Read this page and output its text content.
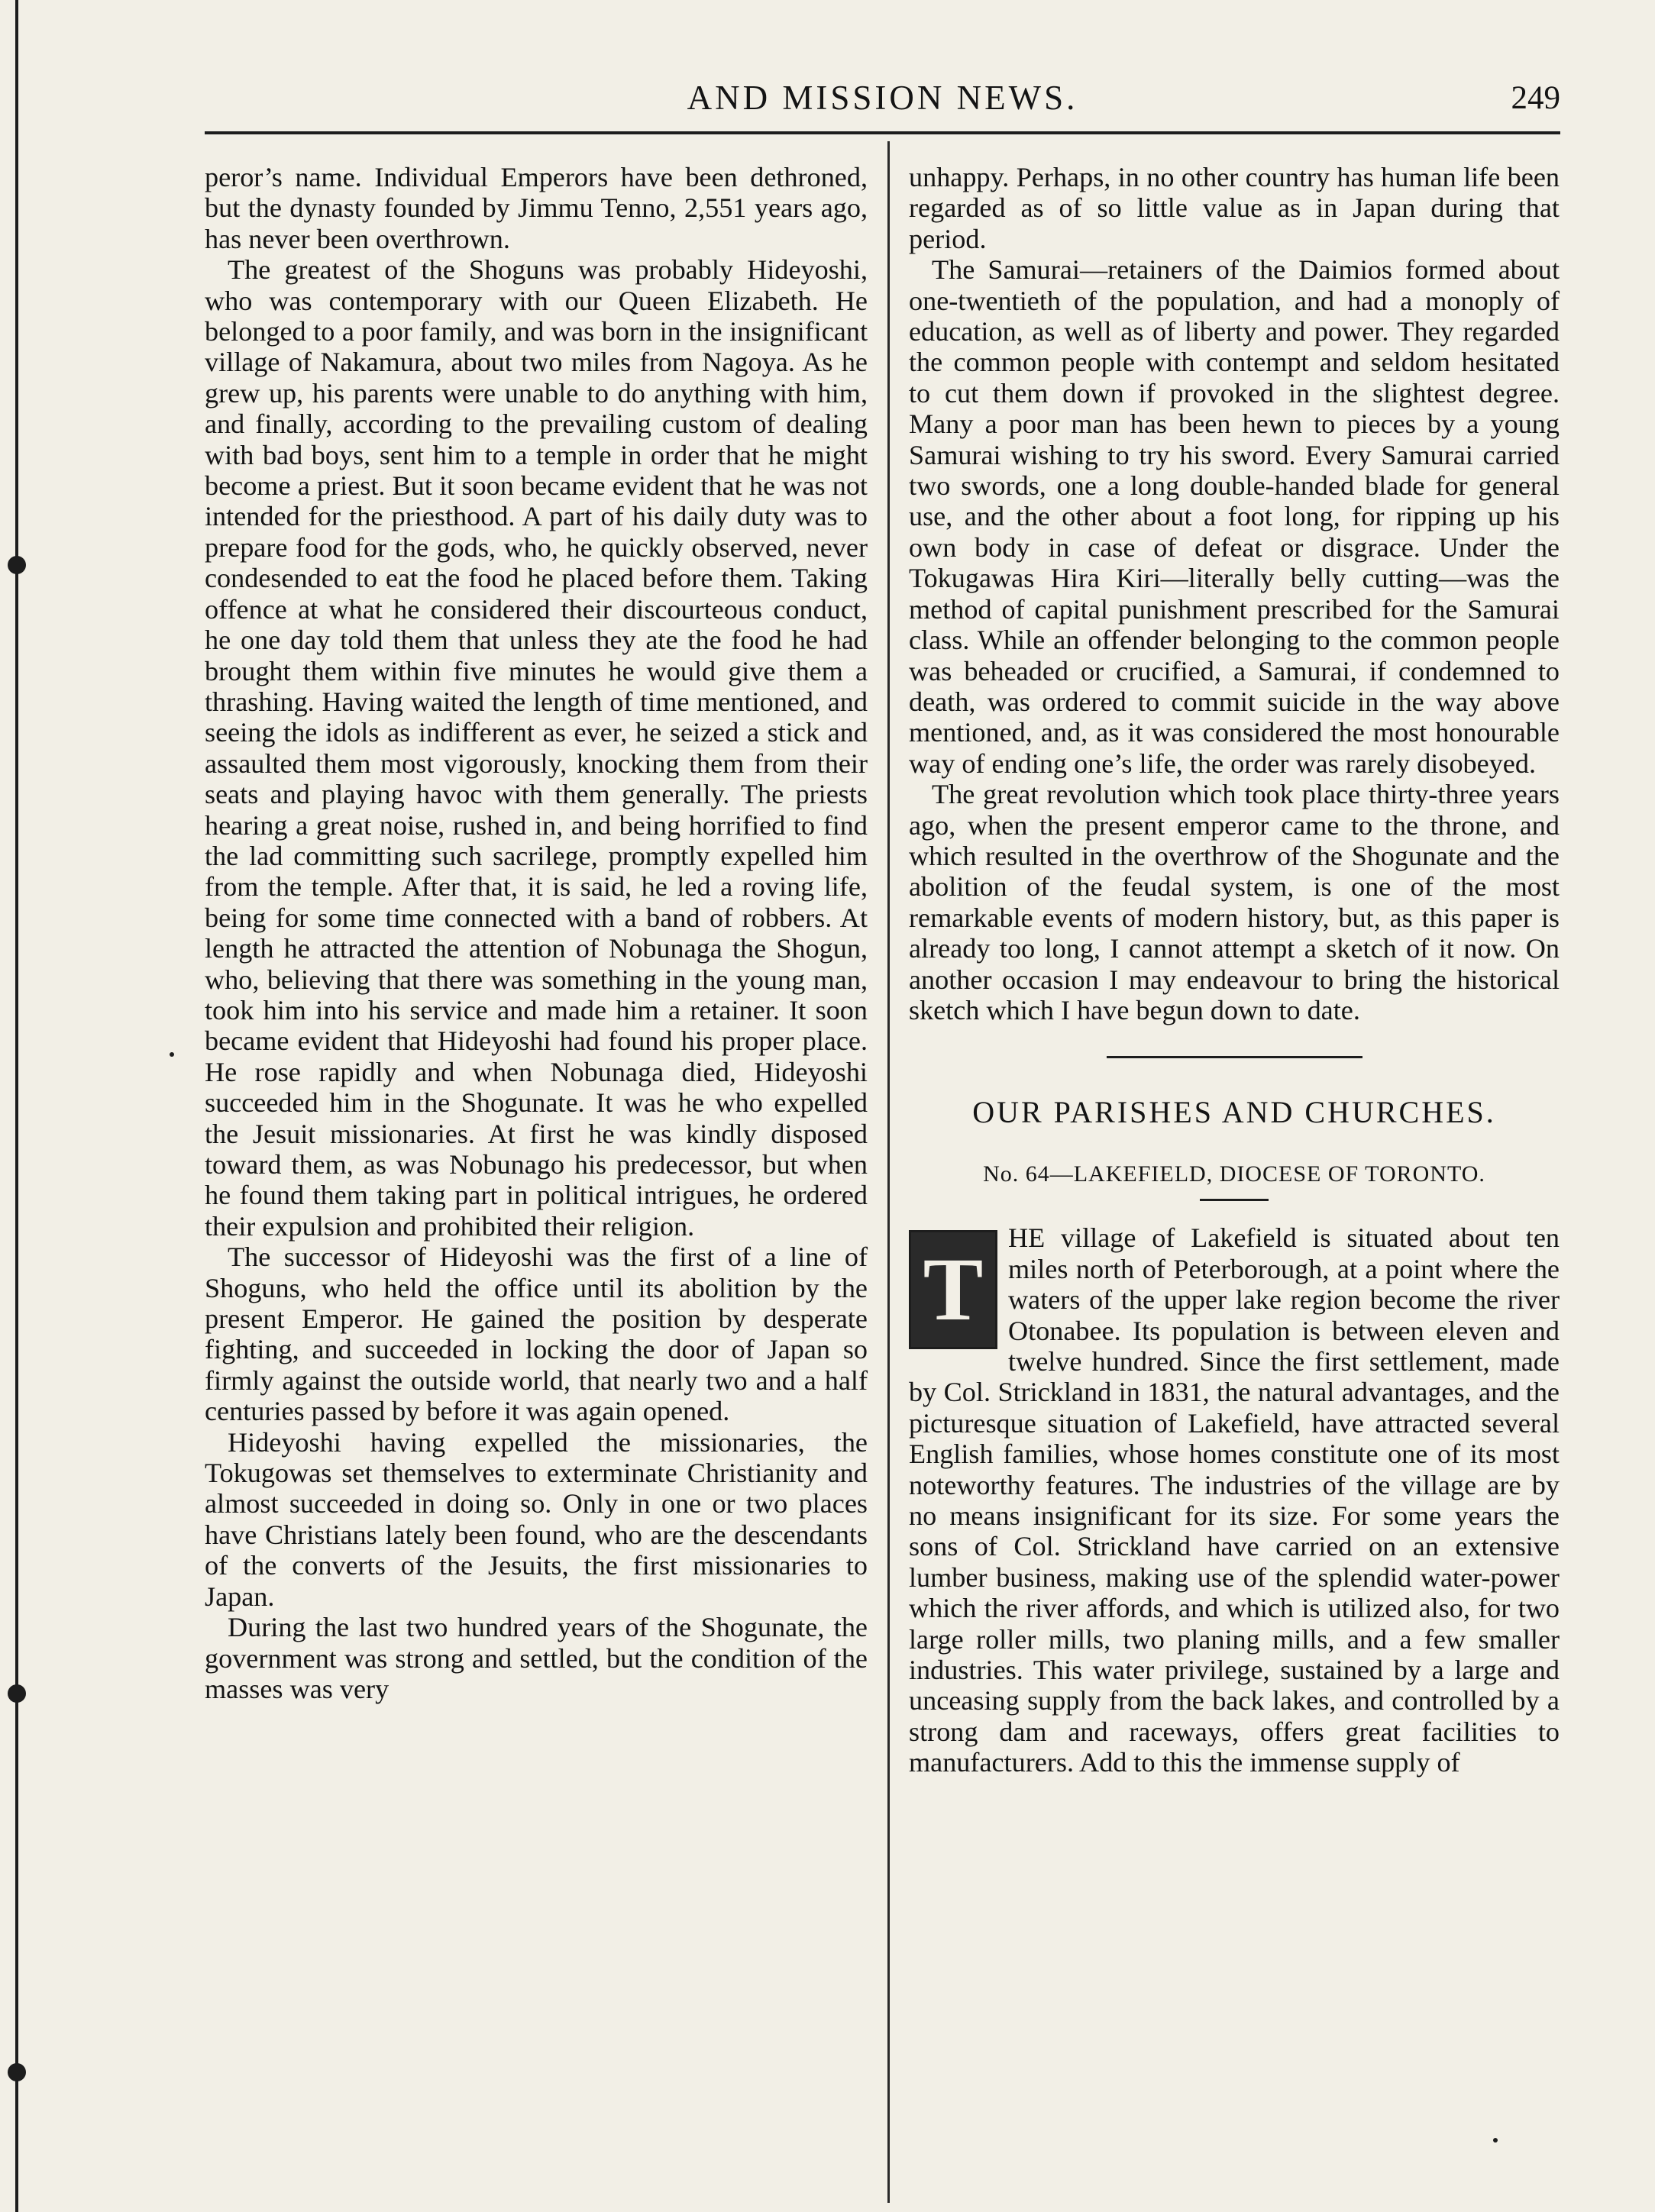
AND MISSION NEWS.	249

peror’s name. Individual Emperors have been dethroned, but the dynasty founded by Jimmu Tenno, 2,551 years ago, has never been overthrown.

The greatest of the Shoguns was probably Hideyoshi, who was contemporary with our Queen Elizabeth. He belonged to a poor family, and was born in the insignificant village of Nakamura, about two miles from Nagoya. As he grew up, his parents were unable to do anything with him, and finally, according to the prevailing custom of dealing with bad boys, sent him to a temple in order that he might become a priest. But it soon became evident that he was not intended for the priesthood. A part of his daily duty was to prepare food for the gods, who, he quickly observed, never condesended to eat the food he placed before them. Taking offence at what he considered their discourteous conduct, he one day told them that unless they ate the food he had brought them within five minutes he would give them a thrashing. Having waited the length of time mentioned, and seeing the idols as indifferent as ever, he seized a stick and assaulted them most vigorously, knocking them from their seats and playing havoc with them generally. The priests hearing a great noise, rushed in, and being horrified to find the lad committing such sacrilege, promptly expelled him from the temple. After that, it is said, he led a roving life, being for some time connected with a band of robbers. At length he attracted the attention of Nobunaga the Shogun, who, believing that there was something in the young man, took him into his service and made him a retainer. It soon became evident that Hideyoshi had found his proper place. He rose rapidly and when Nobunaga died, Hideyoshi succeeded him in the Shogunate. It was he who expelled the Jesuit missionaries. At first he was kindly disposed toward them, as was Nobunago his predecessor, but when he found them taking part in political intrigues, he ordered their expulsion and prohibited their religion.

The successor of Hideyoshi was the first of a line of Shoguns, who held the office until its abolition by the present Emperor. He gained the position by desperate fighting, and succeeded in locking the door of Japan so firmly against the outside world, that nearly two and a half centuries passed by before it was again opened.

Hideyoshi having expelled the missionaries, the Tokugowas set themselves to exterminate Christianity and almost succeeded in doing so. Only in one or two places have Christians lately been found, who are the descendants of the converts of the Jesuits, the first missionaries to Japan.

During the last two hundred years of the Shogunate, the government was strong and settled, but the condition of the masses was very

unhappy. Perhaps, in no other country has human life been regarded as of so little value as in Japan during that period.

The Samurai—retainers of the Daimios formed about one-twentieth of the population, and had a monoply of education, as well as of liberty and power. They regarded the common people with contempt and seldom hesitated to cut them down if provoked in the slightest degree. Many a poor man has been hewn to pieces by a young Samurai wishing to try his sword. Every Samurai carried two swords, one a long double-handed blade for general use, and the other about a foot long, for ripping up his own body in case of defeat or disgrace. Under the Tokugawas Hira Kiri—literally belly cutting—was the method of capital punishment prescribed for the Samurai class. While an offender belonging to the common people was beheaded or crucified, a Samurai, if condemned to death, was ordered to commit suicide in the way above mentioned, and, as it was considered the most honourable way of ending one’s life, the order was rarely disobeyed.

The great revolution which took place thirty-three years ago, when the present emperor came to the throne, and which resulted in the overthrow of the Shogunate and the abolition of the feudal system, is one of the most remarkable events of modern history, but, as this paper is already too long, I cannot attempt a sketch of it now. On another occasion I may endeavour to bring the historical sketch which I have begun down to date.

OUR PARISHES AND CHURCHES.
No. 64—LAKEFIELD, DIOCESE OF TORONTO.

T
HE village of Lakefield is situated about ten miles north of Peterborough, at a point where the waters of the upper lake region become the river Otonabee. Its population is between eleven and twelve hundred. Since the first settlement, made by Col. Strickland in 1831, the natural advantages, and the picturesque situation of Lakefield, have attracted several English families, whose homes constitute one of its most noteworthy features. The industries of the village are by no means insignificant for its size. For some years the sons of Col. Strickland have carried on an extensive lumber business, making use of the splendid water-power which the river affords, and which is utilized also, for two large roller mills, two planing mills, and a few smaller industries. This water privilege, sustained by a large and unceasing supply from the back lakes, and controlled by a strong dam and raceways, offers great facilities to manufacturers. Add to this the immense supply of
